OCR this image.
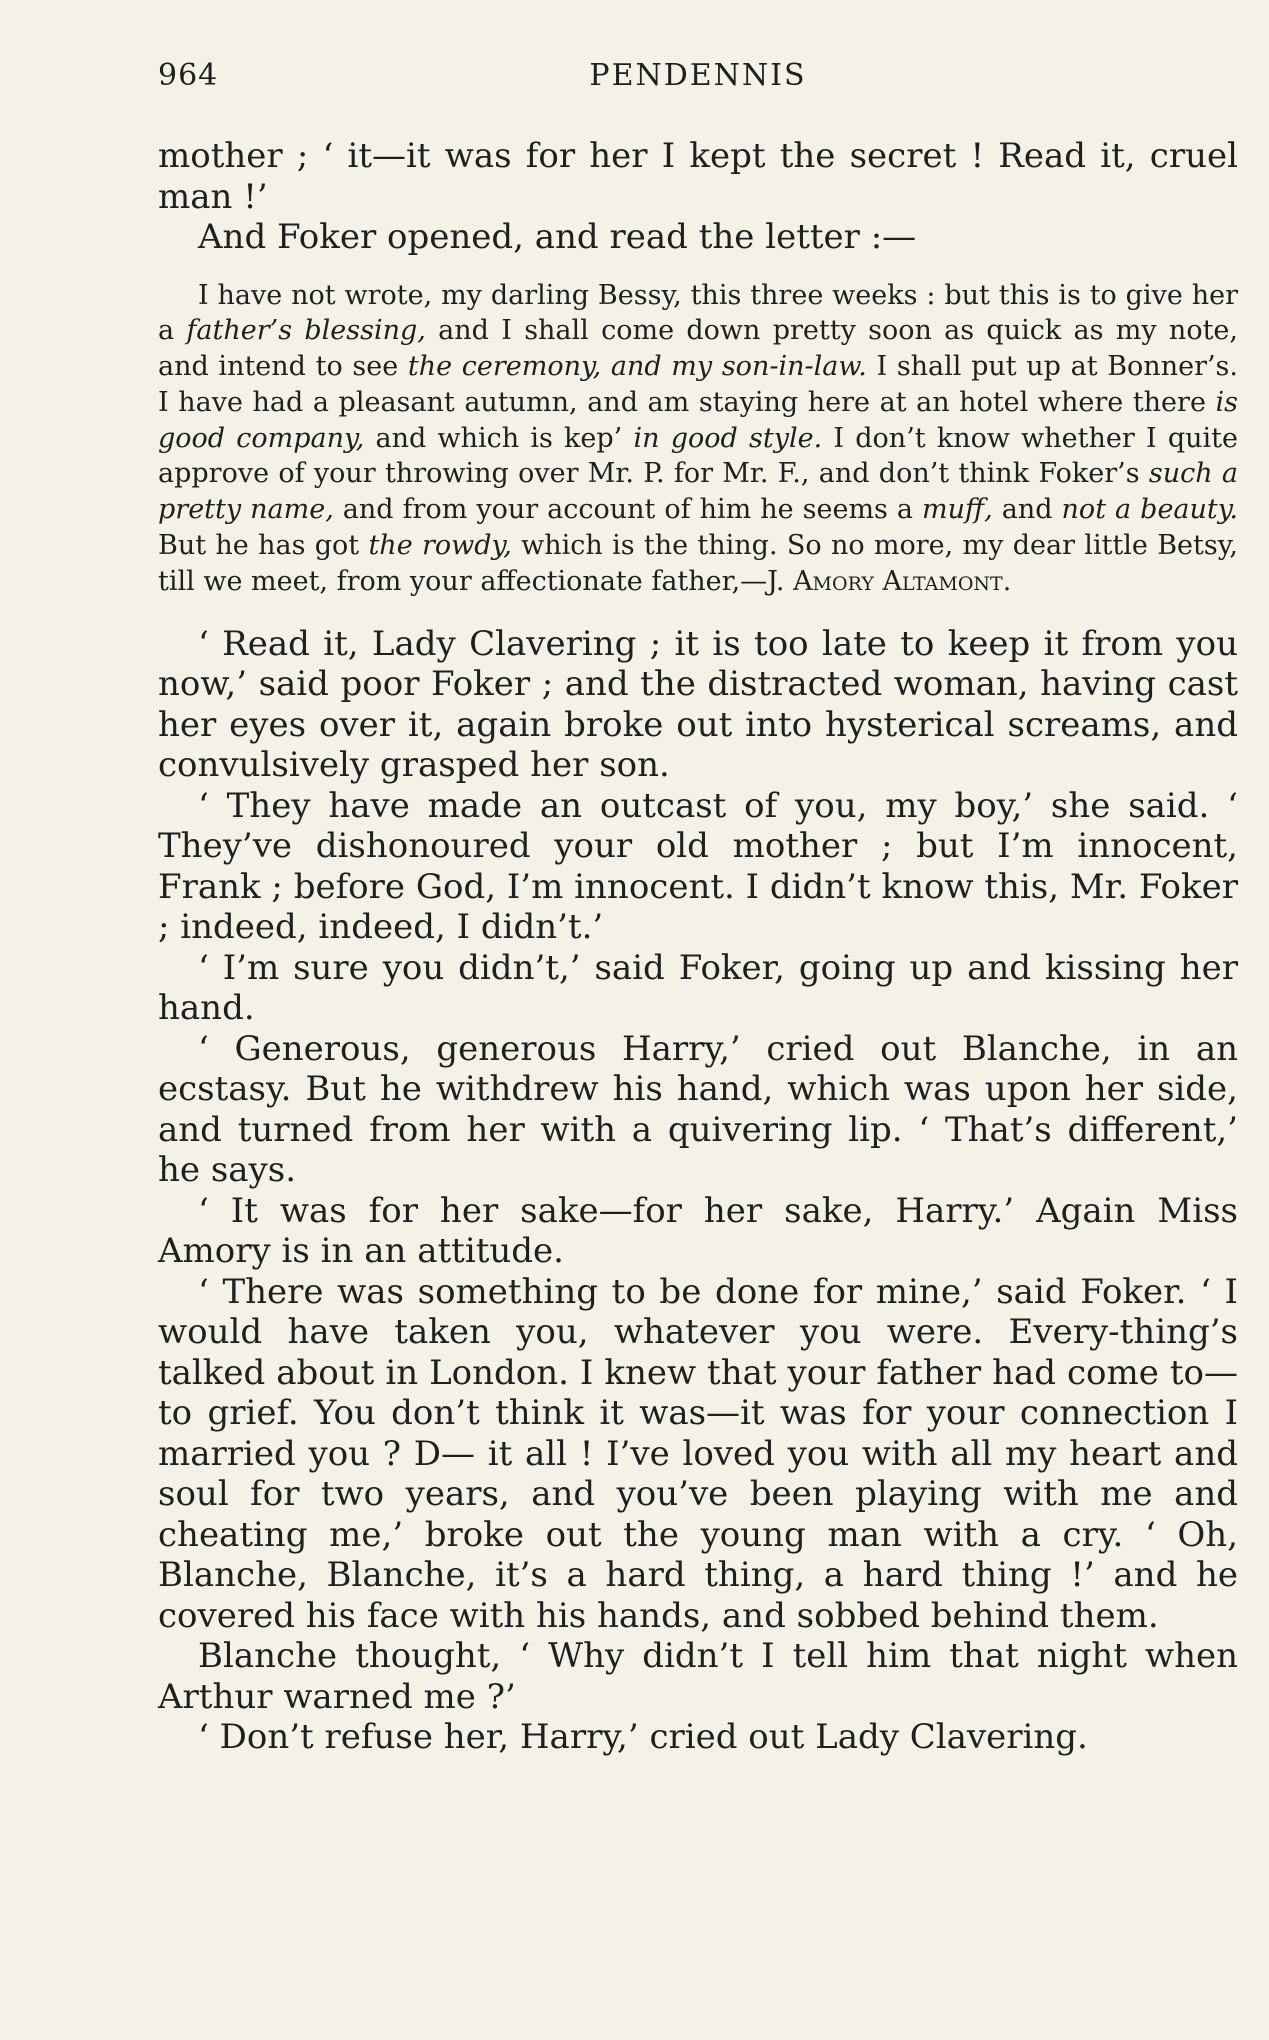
964	PENDENNIS

mother ; ‘ it—it was for her I kept the secret ! Read it, cruel man !’

And Foker opened, and read the letter :—

I have not wrote, my darling Bessy, this three weeks : but this is to give her a father’s blessing, and I shall come down pretty soon as quick as my note, and intend to see the ceremony, and my son-in-law. I shall put up at Bonner’s. I have had a pleasant autumn, and am staying here at an hotel where there is good company, and which is kep’ in good style. I don’t know whether I quite approve of your throwing over Mr. P. for Mr. F., and don’t think Foker’s such a pretty name, and from your account of him he seems a muff, and not a beauty. But he has got the rowdy, which is the thing. So no more, my dear little Betsy, till we meet, from your affectionate father,—J. Amory Altamont.

‘ Read it, Lady Clavering ; it is too late to keep it from you now,’ said poor Foker ; and the distracted woman, having cast her eyes over it, again broke out into hysterical screams, and convulsively grasped her son.

‘ They have made an outcast of you, my boy,’ she said. ‘ They’ve dishonoured your old mother ; but I’m innocent, Frank ; before God, I’m innocent. I didn’t know this, Mr. Foker ; indeed, indeed, I didn’t.’

‘ I’m sure you didn’t,’ said Foker, going up and kissing her hand.

‘ Generous, generous Harry,’ cried out Blanche, in an ecstasy. But he withdrew his hand, which was upon her side, and turned from her with a quivering lip. ‘ That’s different,’ he says.

‘ It was for her sake—for her sake, Harry.’ Again Miss Amory is in an attitude.

‘ There was something to be done for mine,’ said Foker. ‘ I would have taken you, whatever you were. Every-thing’s talked about in London. I knew that your father had come to—to grief. You don’t think it was—it was for your connection I married you ? D— it all ! I’ve loved you with all my heart and soul for two years, and you’ve been playing with me and cheating me,’ broke out the young man with a cry. ‘ Oh, Blanche, Blanche, it’s a hard thing, a hard thing !’ and he covered his face with his hands, and sobbed behind them.

Blanche thought, ‘ Why didn’t I tell him that night when Arthur warned me ?’

‘ Don’t refuse her, Harry,’ cried out Lady Clavering.
